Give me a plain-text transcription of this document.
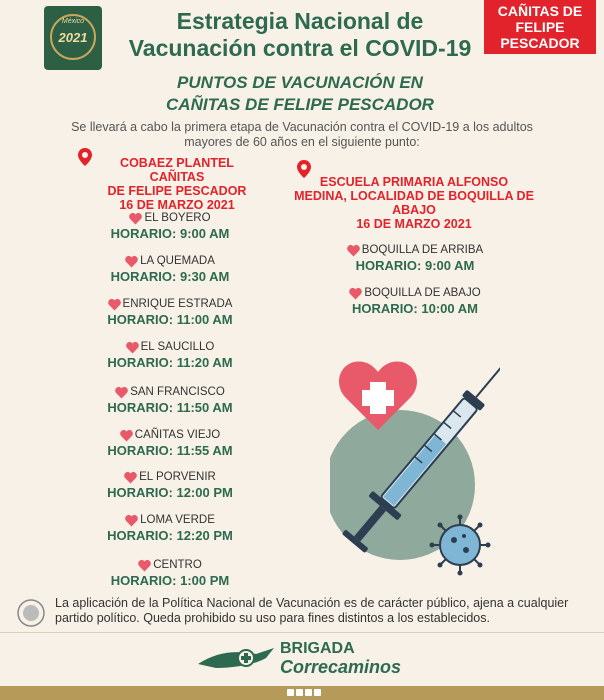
México
2021
Estrategia Nacional de
Vacunación contra el COVID-19
CAÑITAS DE
FELIPE
PESCADOR
PUNTOS DE VACUNACIÓN EN
CAÑITAS DE FELIPE PESCADOR
Se llevará a cabo la primera etapa de Vacunación contra el COVID-19 a los adultos mayores de 60 años en el siguiente punto:
COBAEZ PLANTEL CAÑITAS
DE FELIPE PESCADOR
16 DE MARZO 2021
EL BOYERO
HORARIO: 9:00 AM
LA QUEMADA
HORARIO: 9:30 AM
ENRIQUE ESTRADA
HORARIO: 11:00 AM
EL SAUCILLO
HORARIO: 11:20 AM
SAN FRANCISCO
HORARIO: 11:50 AM
CAÑITAS VIEJO
HORARIO: 11:55 AM
EL PORVENIR
HORARIO: 12:00 PM
LOMA VERDE
HORARIO: 12:20 PM
CENTRO
HORARIO: 1:00 PM
ESCUELA PRIMARIA ALFONSO
MEDINA, LOCALIDAD DE BOQUILLA DE
ABAJO
16 DE MARZO 2021
BOQUILLA DE ARRIBA
HORARIO: 9:00 AM
BOQUILLA DE ABAJO
HORARIO: 10:00 AM
La aplicación de la Política Nacional de Vacunación es de carácter público, ajena a cualquier partido político. Queda prohibido su uso para fines distintos a los establecidos.
BRIGADA
Correcaminos
